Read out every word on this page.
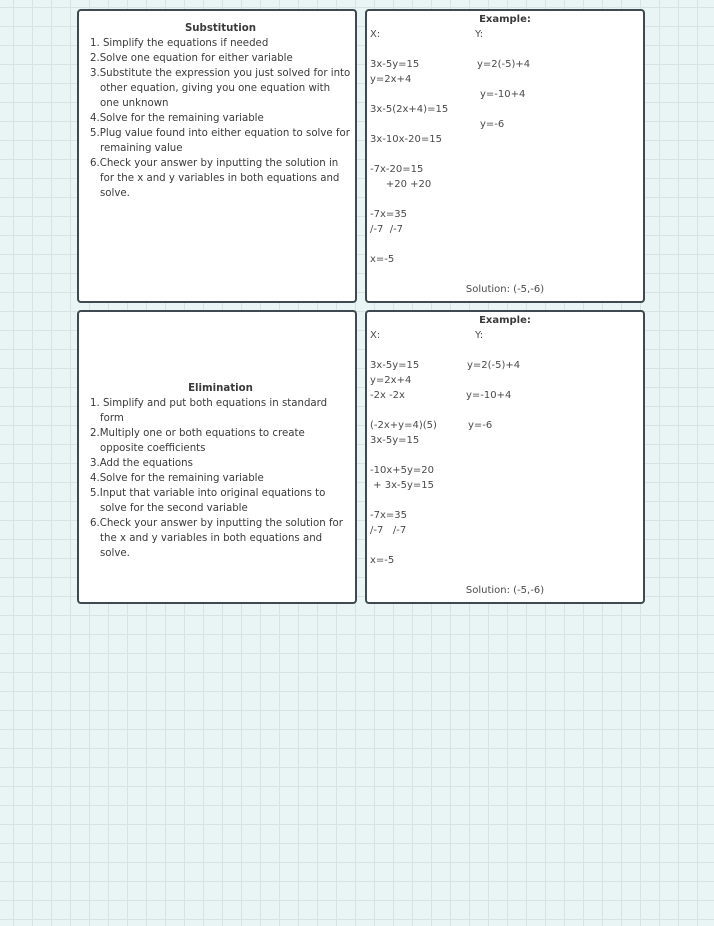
Substitution
1. Simplify the equations if needed
2.Solve one equation for either variable
3.Substitute the expression you just solved for into other equation, giving you one equation with one unknown
4.Solve for the remaining variable
5.Plug value found into either equation to solve for remaining value
6.Check your answer by inputting the solution in for the x and y variables in both equations and solve.
Example:
X:	Y:
3x-5y=15
y=2x+4
3x-5(2x+4)=15
3x-10x-20=15
-7x-20=15
+20 +20
-7x=35
/-7  /-7
x=-5
y=2(-5)+4
y=-10+4
y=-6
Solution: (-5,-6)
Elimination
1. Simplify and put both equations in standard form
2.Multiply one or both equations to create opposite coefficients
3.Add the equations
4.Solve for the remaining variable
5.Input that variable into original equations to solve for the second variable
6.Check your answer by inputting the solution for the x and y variables in both equations and solve.
Example:
X:	Y:
3x-5y=15
y=2x+4
-2x -2x
(-2x+y=4)(5)
3x-5y=15
-10x+5y=20
+ 3x-5y=15
-7x=35
/-7   /-7
x=-5
y=2(-5)+4
y=-10+4
y=-6
Solution: (-5,-6)
